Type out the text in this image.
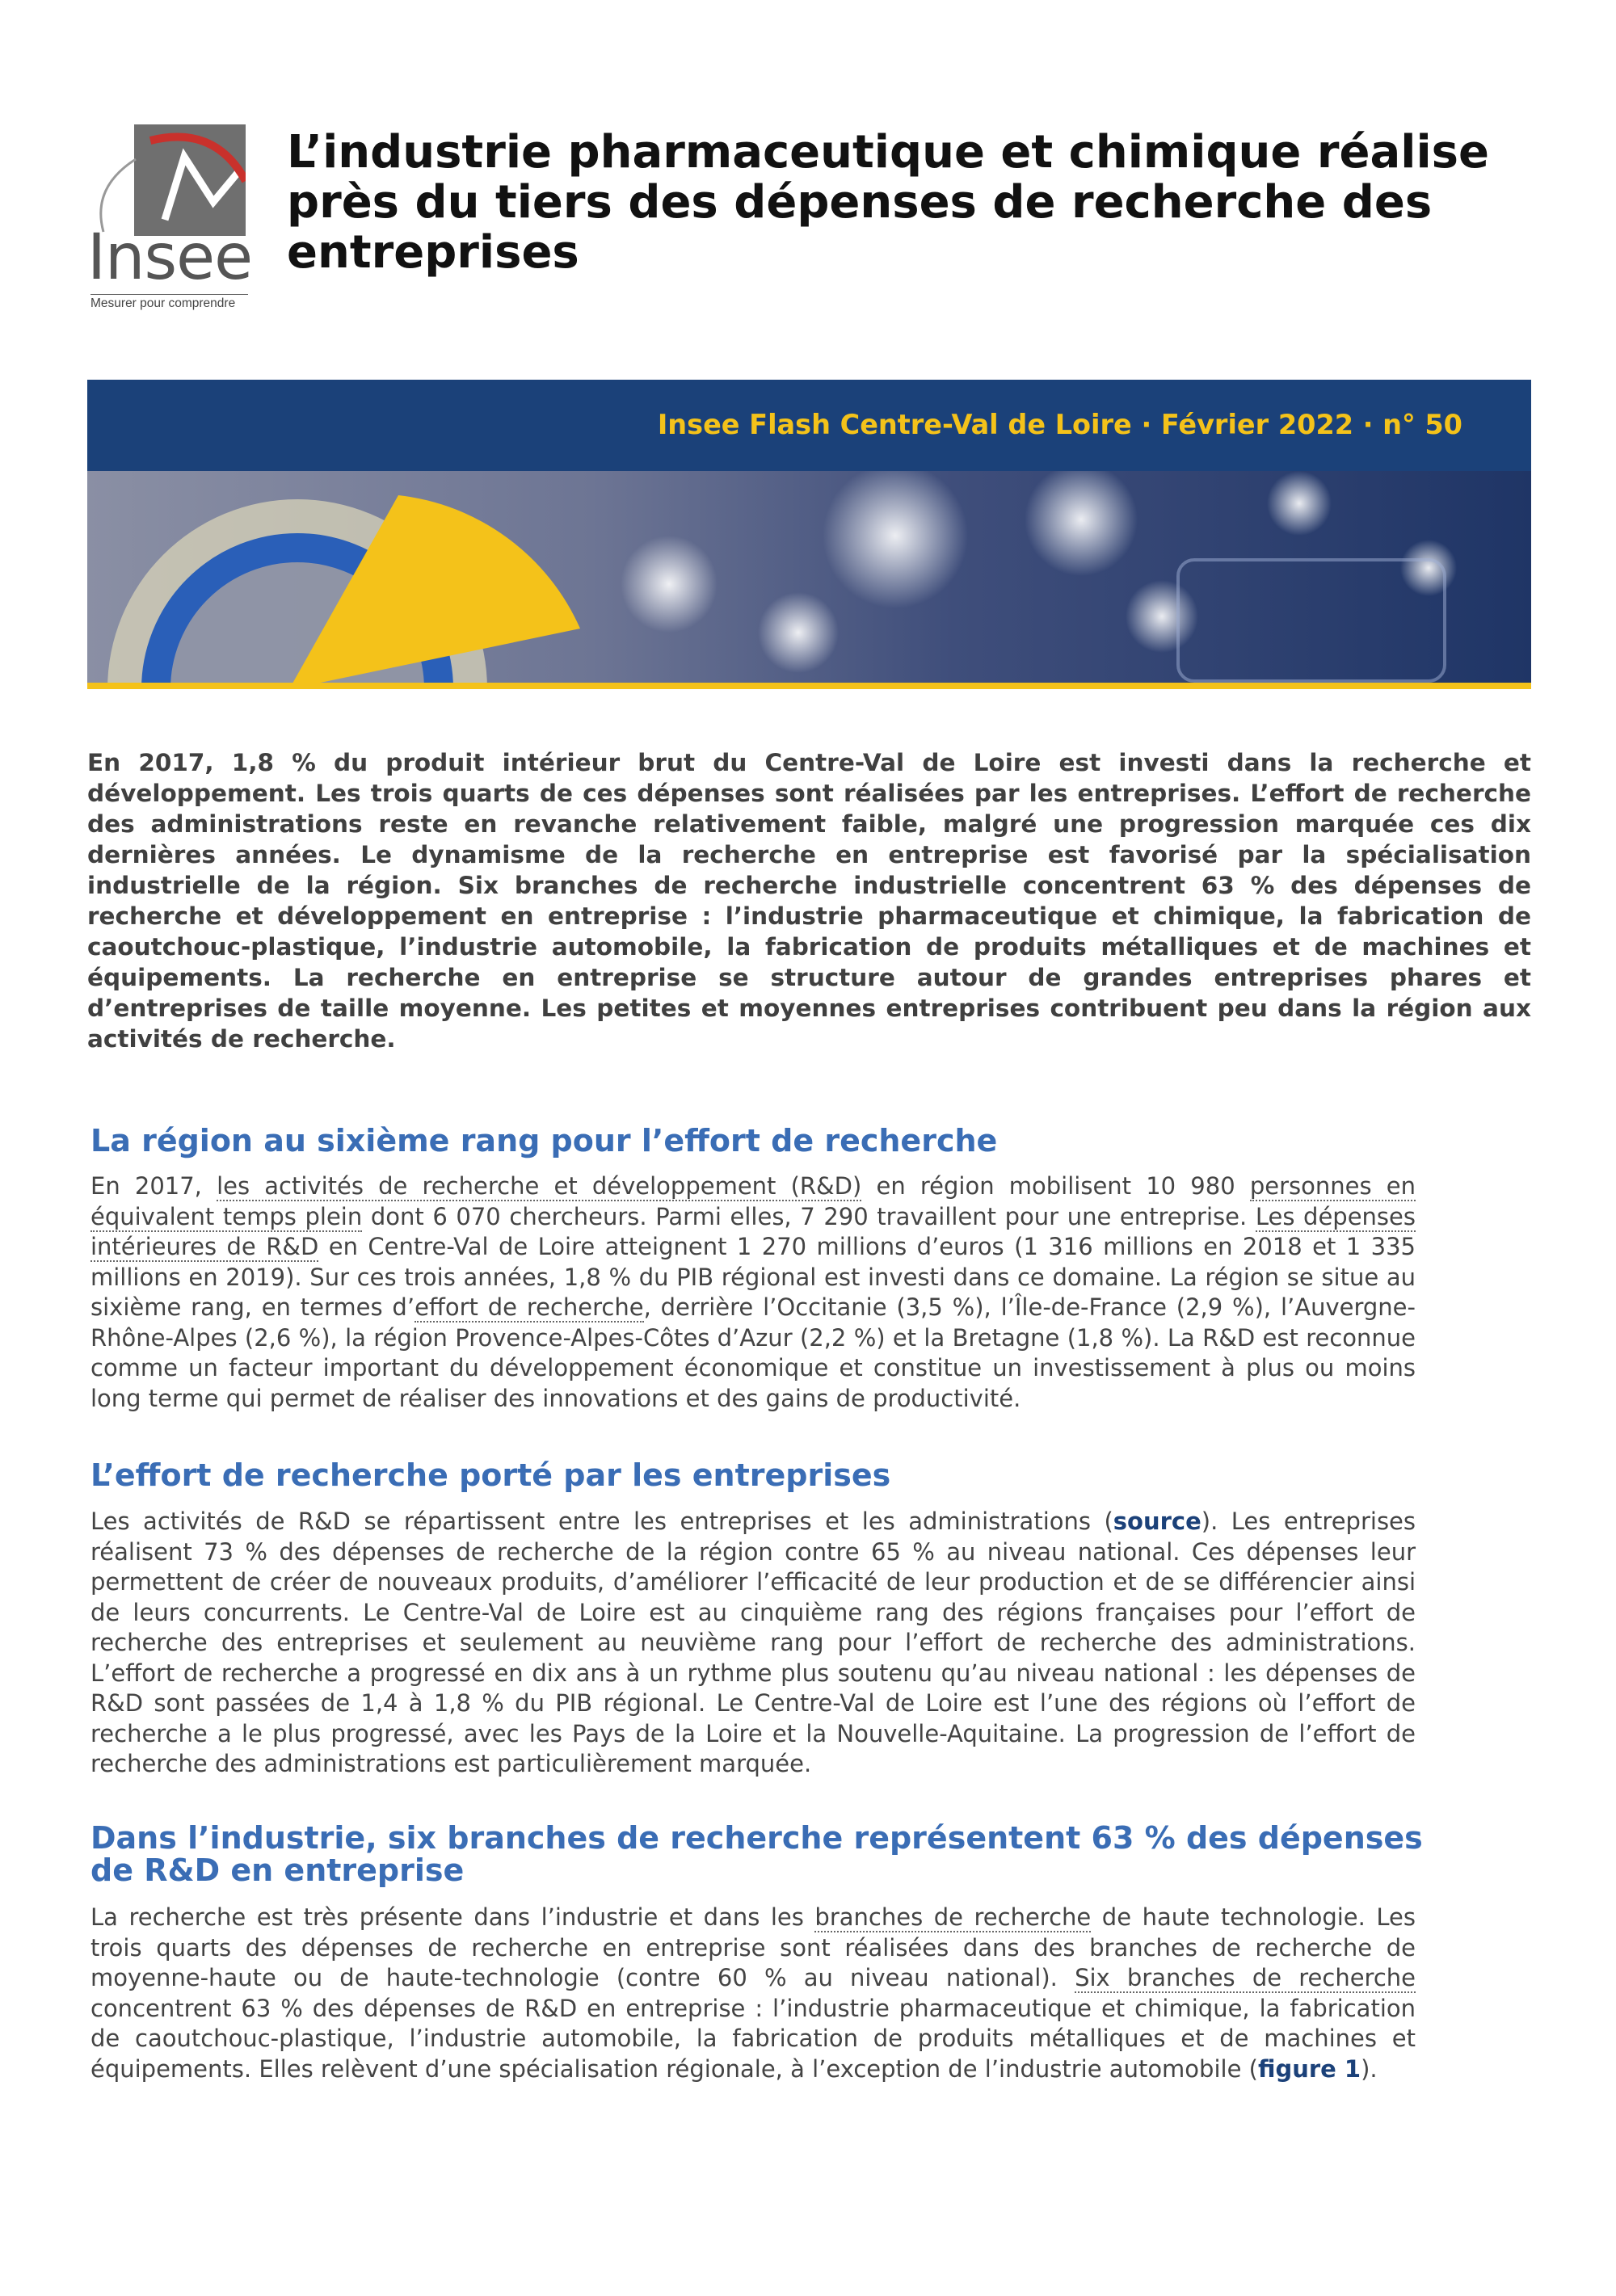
Insee
Mesurer pour comprendre
L’industrie pharmaceutique et chimique réalise près du tiers des dépenses de recherche des entreprises
Insee Flash Centre-Val de Loire · Février 2022 · n° 50

En 2017, 1,8 % du produit intérieur brut du Centre-Val de Loire est investi dans la recherche et développement. Les trois quarts de ces dépenses sont réalisées par les entreprises. L’effort de recherche des administrations reste en revanche relativement faible, malgré une progression marquée ces dix dernières années. Le dynamisme de la recherche en entreprise est favorisé par la spécialisation industrielle de la région. Six branches de recherche industrielle concentrent 63 % des dépenses de recherche et développement en entreprise : l’industrie pharmaceutique et chimique, la fabrication de caoutchouc-plastique, l’industrie automobile, la fabrication de produits métalliques et de machines et équipements. La recherche en entreprise se structure autour de grandes entreprises phares et d’entreprises de taille moyenne. Les petites et moyennes entreprises contribuent peu dans la région aux activités de recherche.

La région au sixième rang pour l’effort de recherche

En 2017, les activités de recherche et développement (R&D) en région mobilisent 10 980 personnes en équivalent temps plein dont 6 070 chercheurs. Parmi elles, 7 290 travaillent pour une entreprise. Les dépenses intérieures de R&D en Centre-Val de Loire atteignent 1 270 millions d’euros (1 316 millions en 2018 et 1 335 millions en 2019). Sur ces trois années, 1,8 % du PIB régional est investi dans ce domaine. La région se situe au sixième rang, en termes d’effort de recherche, derrière l’Occitanie (3,5 %), l’Île-de-France (2,9 %), l’Auvergne-Rhône-Alpes (2,6 %), la région Provence-Alpes-Côtes d’Azur (2,2 %) et la Bretagne (1,8 %). La R&D est reconnue comme un facteur important du développement économique et constitue un investissement à plus ou moins long terme qui permet de réaliser des innovations et des gains de productivité.

L’effort de recherche porté par les entreprises

Les activités de R&D se répartissent entre les entreprises et les administrations (source). Les entreprises réalisent 73 % des dépenses de recherche de la région contre 65 % au niveau national. Ces dépenses leur permettent de créer de nouveaux produits, d’améliorer l’efficacité de leur production et de se différencier ainsi de leurs concurrents. Le Centre-Val de Loire est au cinquième rang des régions françaises pour l’effort de recherche des entreprises et seulement au neuvième rang pour l’effort de recherche des administrations. L’effort de recherche a progressé en dix ans à un rythme plus soutenu qu’au niveau national : les dépenses de R&D sont passées de 1,4 à 1,8 % du PIB régional. Le Centre-Val de Loire est l’une des régions où l’effort de recherche a le plus progressé, avec les Pays de la Loire et la Nouvelle-Aquitaine. La progression de l’effort de recherche des administrations est particulièrement marquée.

Dans l’industrie, six branches de recherche représentent 63 % des dépenses de R&D en entreprise

La recherche est très présente dans l’industrie et dans les branches de recherche de haute technologie. Les trois quarts des dépenses de recherche en entreprise sont réalisées dans des branches de recherche de moyenne-haute ou de haute-technologie (contre 60 % au niveau national). Six branches de recherche concentrent 63 % des dépenses de R&D en entreprise : l’industrie pharmaceutique et chimique, la fabrication de caoutchouc-plastique, l’industrie automobile, la fabrication de produits métalliques et de machines et équipements. Elles relèvent d’une spécialisation régionale, à l’exception de l’industrie automobile (figure 1).
